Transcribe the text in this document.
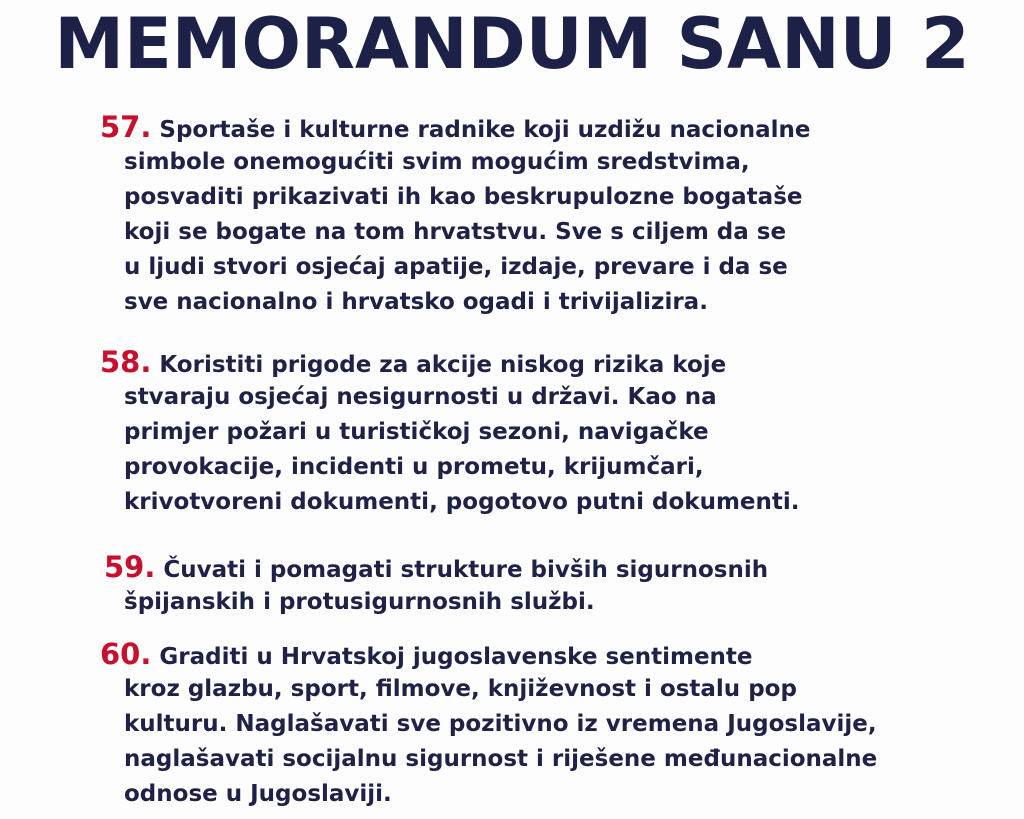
MEMORANDUM SANU 2
57. Sportaše i kulturne radnike koji uzdižu nacionalne
simbole onemogućiti svim mogućim sredstvima,
posvaditi prikazivati ih kao beskrupulozne bogataše
koji se bogate na tom hrvatstvu. Sve s ciljem da se
u ljudi stvori osjećaj apatije, izdaje, prevare i da se
sve nacionalno i hrvatsko ogadi i trivijalizira.
58. Koristiti prigode za akcije niskog rizika koje
stvaraju osjećaj nesigurnosti u državi. Kao na
primjer požari u turističkoj sezoni, navigačke
provokacije, incidenti u prometu, krijumčari,
krivotvoreni dokumenti, pogotovo putni dokumenti.
59. Čuvati i pomagati strukture bivših sigurnosnih
špijanskih i protusigurnosnih službi.
60. Graditi u Hrvatskoj jugoslavenske sentimente
kroz glazbu, sport, filmove, književnost i ostalu pop
kulturu. Naglašavati sve pozitivno iz vremena Jugoslavije,
naglašavati socijalnu sigurnost i riješene međunacionalne
odnose u Jugoslaviji.
